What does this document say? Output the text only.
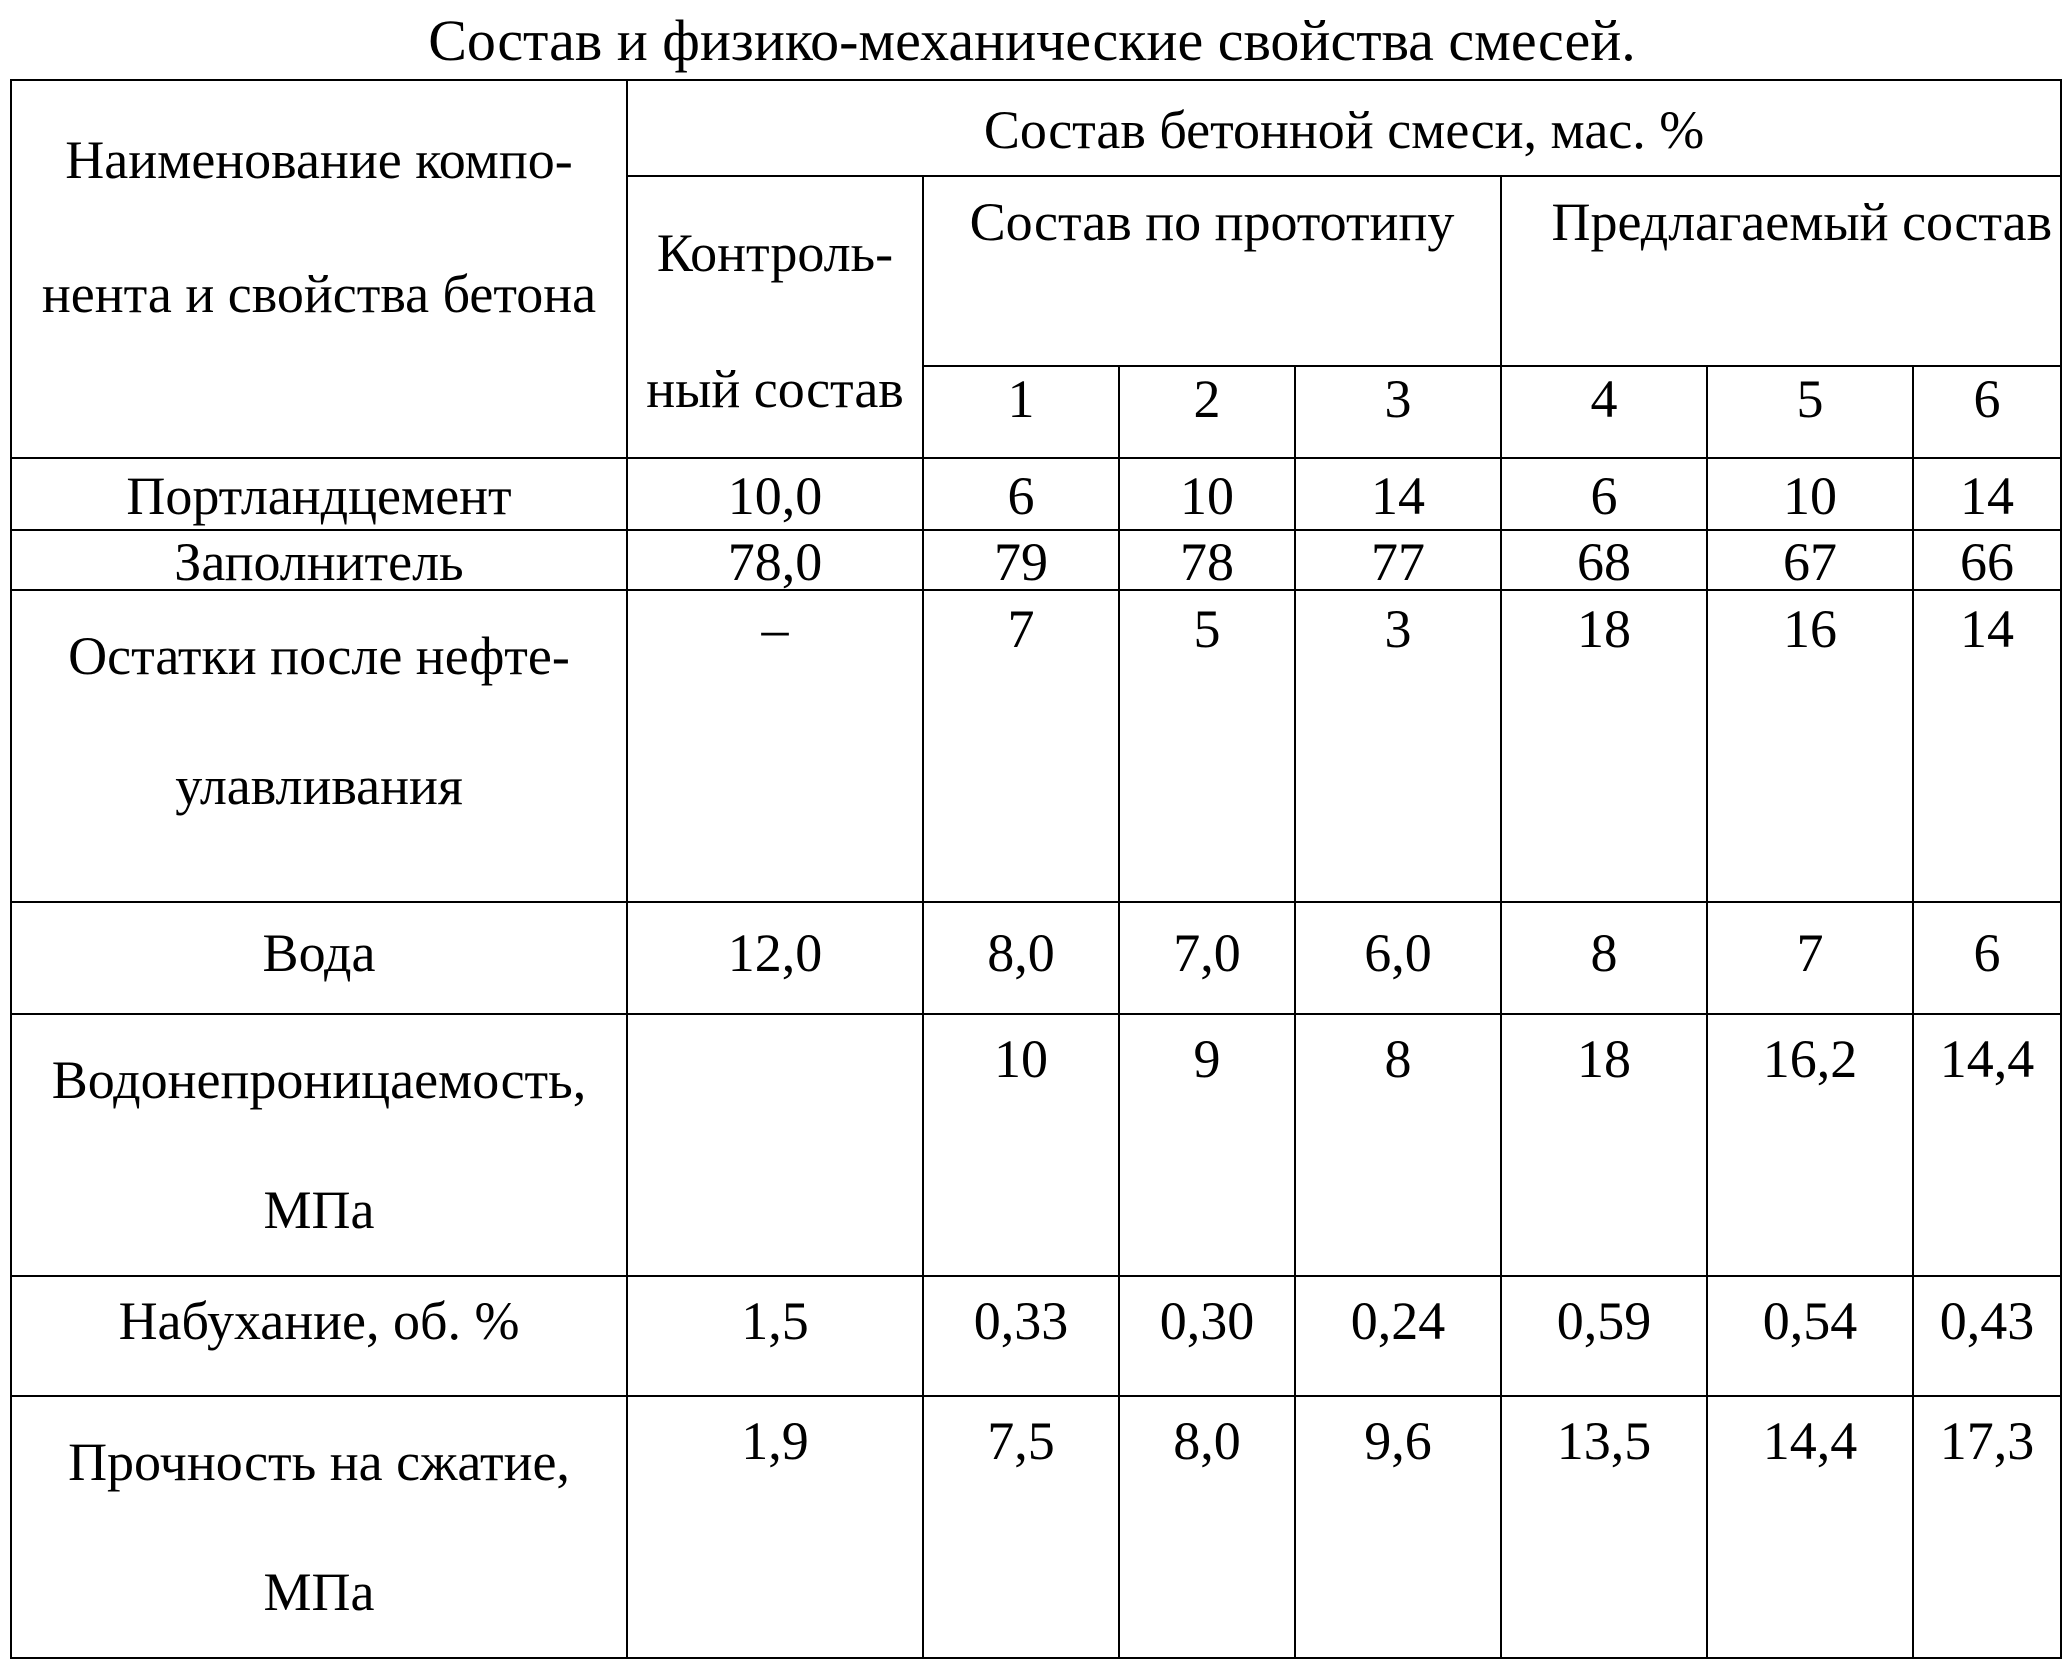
Состав и физико-механические свойства смесей.
Наименование компо-
нента и свойства бетона
	Состав бетонной смеси, мас. %

Контроль-
ный состав
	Состав по прототипу	Предлагаемый состав
1	2	3	4	5	6

Портландцемент	10,0	6	10	14	6	10	14

Заполнитель	78,0	79	78	77	68	67	66

Остатки после нефте-
улавливания
	–	7	5	3	18	16	14

Вода	12,0	8,0	7,0	6,0	8	7	6

Водонепроницаемость,
МПа
		10	9	8	18	16,2	14,4

Набухание, об. %	1,5	0,33	0,30	0,24	0,59	0,54	0,43

Прочность на сжатие,
МПа
	1,9	7,5	8,0	9,6	13,5	14,4	17,3
